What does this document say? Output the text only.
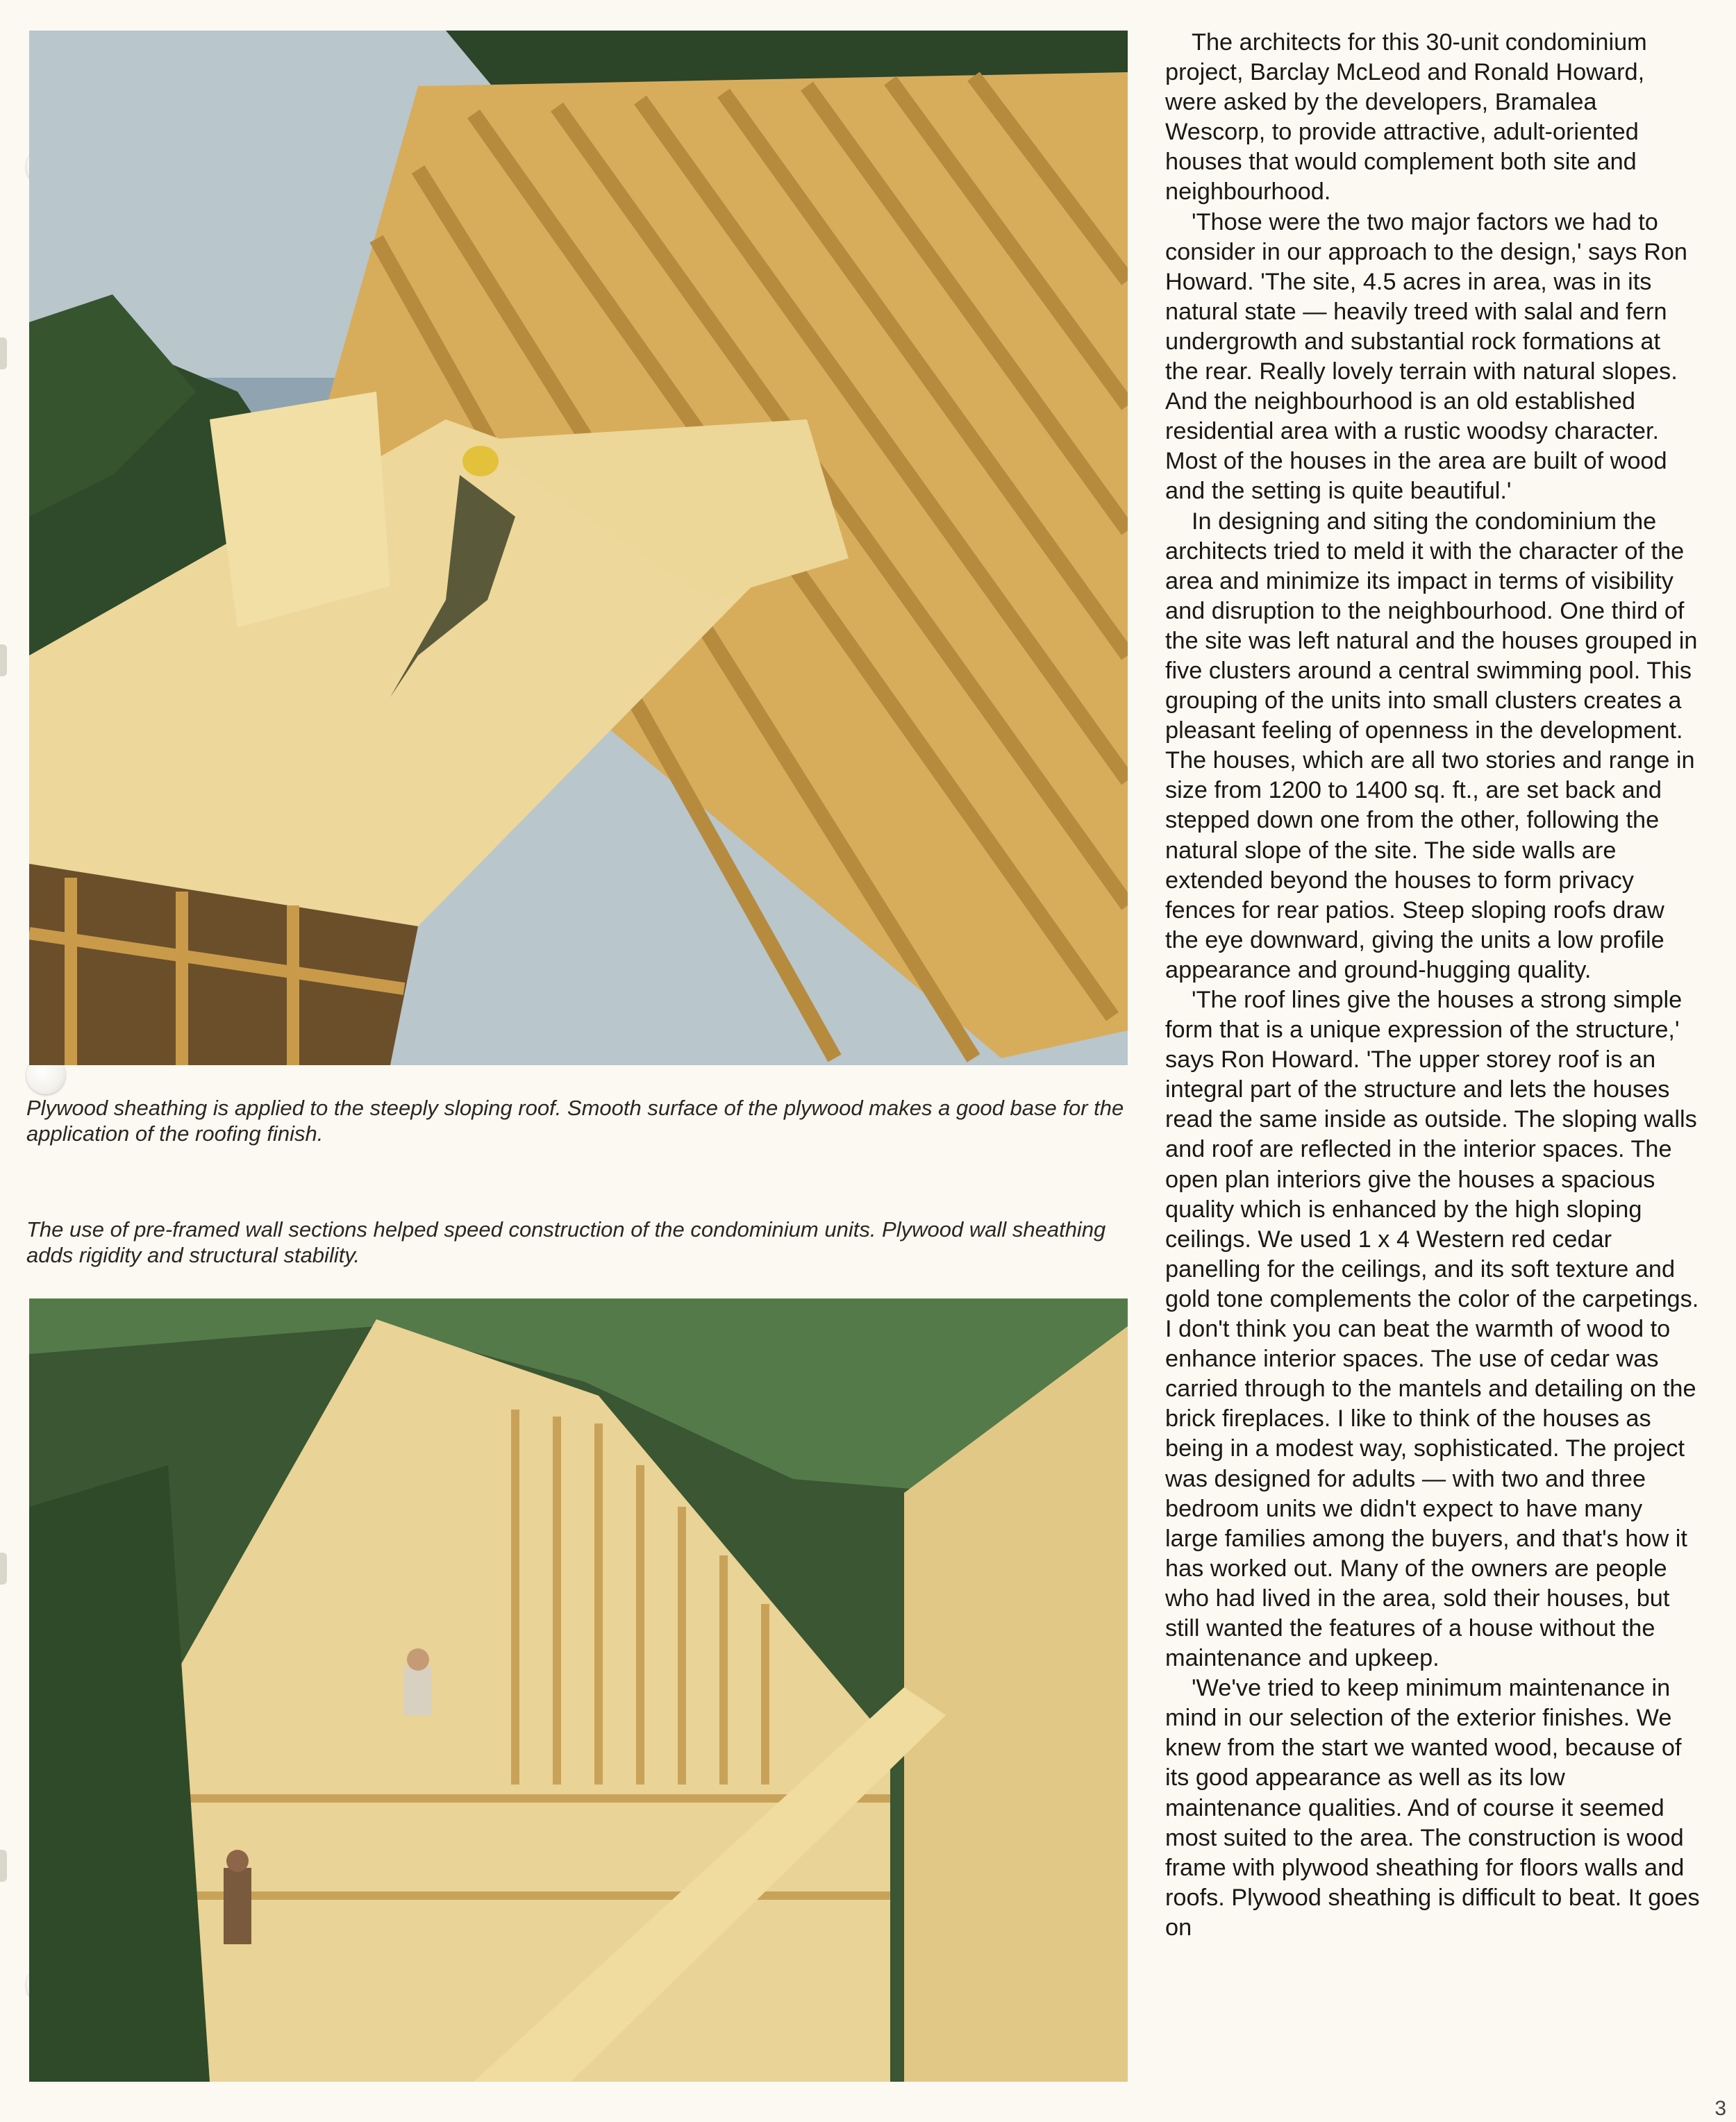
Plywood sheathing is applied to the steeply sloping roof. Smooth surface of the plywood makes a good base for the application of the roofing finish.

The use of pre-framed wall sections helped speed construction of the condominium units. Plywood wall sheathing adds rigidity and structural stability.

The architects for this 30-unit condominium project, Barclay McLeod and Ronald Howard, were asked by the developers, Bramalea Wescorp, to provide attractive, adult-oriented houses that would complement both site and neighbourhood.

'Those were the two major factors we had to consider in our approach to the design,' says Ron Howard. 'The site, 4.5 acres in area, was in its natural state — heavily treed with salal and fern undergrowth and substantial rock formations at the rear. Really lovely terrain with natural slopes. And the neighbourhood is an old established residential area with a rustic woodsy character. Most of the houses in the area are built of wood and the setting is quite beautiful.'

In designing and siting the condominium the architects tried to meld it with the character of the area and minimize its impact in terms of visibility and disruption to the neighbourhood. One third of the site was left natural and the houses grouped in five clusters around a central swimming pool. This grouping of the units into small clusters creates a pleasant feeling of openness in the development. The houses, which are all two stories and range in size from 1200 to 1400 sq. ft., are set back and stepped down one from the other, following the natural slope of the site. The side walls are extended beyond the houses to form privacy fences for rear patios. Steep sloping roofs draw the eye downward, giving the units a low profile appearance and ground-hugging quality.

'The roof lines give the houses a strong simple form that is a unique expression of the structure,' says Ron Howard. 'The upper storey roof is an integral part of the structure and lets the houses read the same inside as outside. The sloping walls and roof are reflected in the interior spaces. The open plan interiors give the houses a spacious quality which is enhanced by the high sloping ceilings. We used 1 x 4 Western red cedar panelling for the ceilings, and its soft texture and gold tone complements the color of the carpetings. I don't think you can beat the warmth of wood to enhance interior spaces. The use of cedar was carried through to the mantels and detailing on the brick fireplaces. I like to think of the houses as being in a modest way, sophisticated. The project was designed for adults — with two and three bedroom units we didn't expect to have many large families among the buyers, and that's how it has worked out. Many of the owners are people who had lived in the area, sold their houses, but still wanted the features of a house without the maintenance and upkeep.

'We've tried to keep minimum maintenance in mind in our selection of the exterior finishes. We knew from the start we wanted wood, because of its good appearance as well as its low maintenance qualities. And of course it seemed most suited to the area. The construction is wood frame with plywood sheathing for floors walls and roofs. Plywood sheathing is difficult to beat. It goes on

3
